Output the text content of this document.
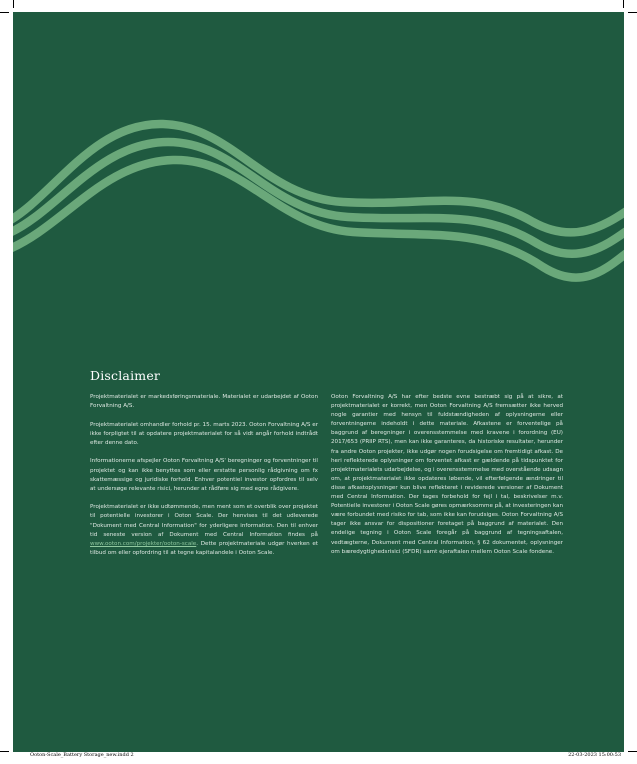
Disclaimer

Projektmaterialet er markedsføringsmateriale. Materialet er udarbejdet af Ooton Forvaltning A/S.

Projektmaterialet omhandler forhold pr. 15. marts 2023. Ooton Forvaltning A/S er ikke forpligtet til at opdatere projektmaterialet for så vidt angår forhold indtrådt efter denne dato.

Informationerne afspejler Ooton Forvaltning A/S' beregninger og forventninger til projektet og kan ikke benyttes som eller erstatte personlig rådgivning om fx skattemæssige og juridiske forhold. Enhver potentiel investor opfordres til selv at undersøge relevante risici, herunder at rådføre sig med egne rådgivere.

Projektmaterialet er ikke udtømmende, men ment som et overblik over projektet til potentielle investorer i Ooton Scale. Der henvises til det udleverede "Dokument med Central Information" for yderligere information. Den til enhver tid seneste version af Dokument med Central Information findes på www.ooton.com/projekter/ooton-scale. Dette projektmateriale udgør hverken et tilbud om eller opfordring til at tegne kapitalandele i Ooton Scale.

Ooton Forvaltning A/S har efter bedste evne bestræbt sig på at sikre, at projektmaterialet er korrekt, men Ooton Forvaltning A/S fremsætter ikke herved nogle garantier med hensyn til fuldstændigheden af oplysningerne eller forventningerne indeholdt i dette materiale. Afkastene er forventelige på baggrund af beregninger i overensstemmelse med kravene i forordning (EU) 2017/653 (PRIIP RTS), men kan ikke garanteres, da historiske resultater, herunder fra andre Ooton projekter, ikke udgør nogen forudsigelse om fremtidigt afkast. De heri reflekterede oplysninger om forventet afkast er gældende på tidspunktet for projektmaterialets udarbejdelse, og i overensstemmelse med overstående udsagn om, at projektmaterialet ikke opdateres løbende, vil efterfølgende ændringer til disse afkastoplysninger kun blive reflekteret i reviderede versioner af Dokument med Central Information. Der tages forbehold for fejl i tal, beskrivelser m.v. Potentielle investorer i Ooton Scale gøres opmærksomme på, at investeringen kan være forbundet med risiko for tab, som ikke kan forudsiges. Ooton Forvaltning A/S tager ikke ansvar for dispositioner foretaget på baggrund af materialet. Den endelige tegning i Ooton Scale foregår på baggrund af tegningsaftalen, vedtægterne, Dokument med Central Information, § 62 dokumentet, oplysninger om bæredygtighedsrisici (SFDR) samt ejeraftalen mellem Ooton Scale fondene.

Ooton-Scale_Battery Storage_new.indd 2	22-03-2023 15:00:53
